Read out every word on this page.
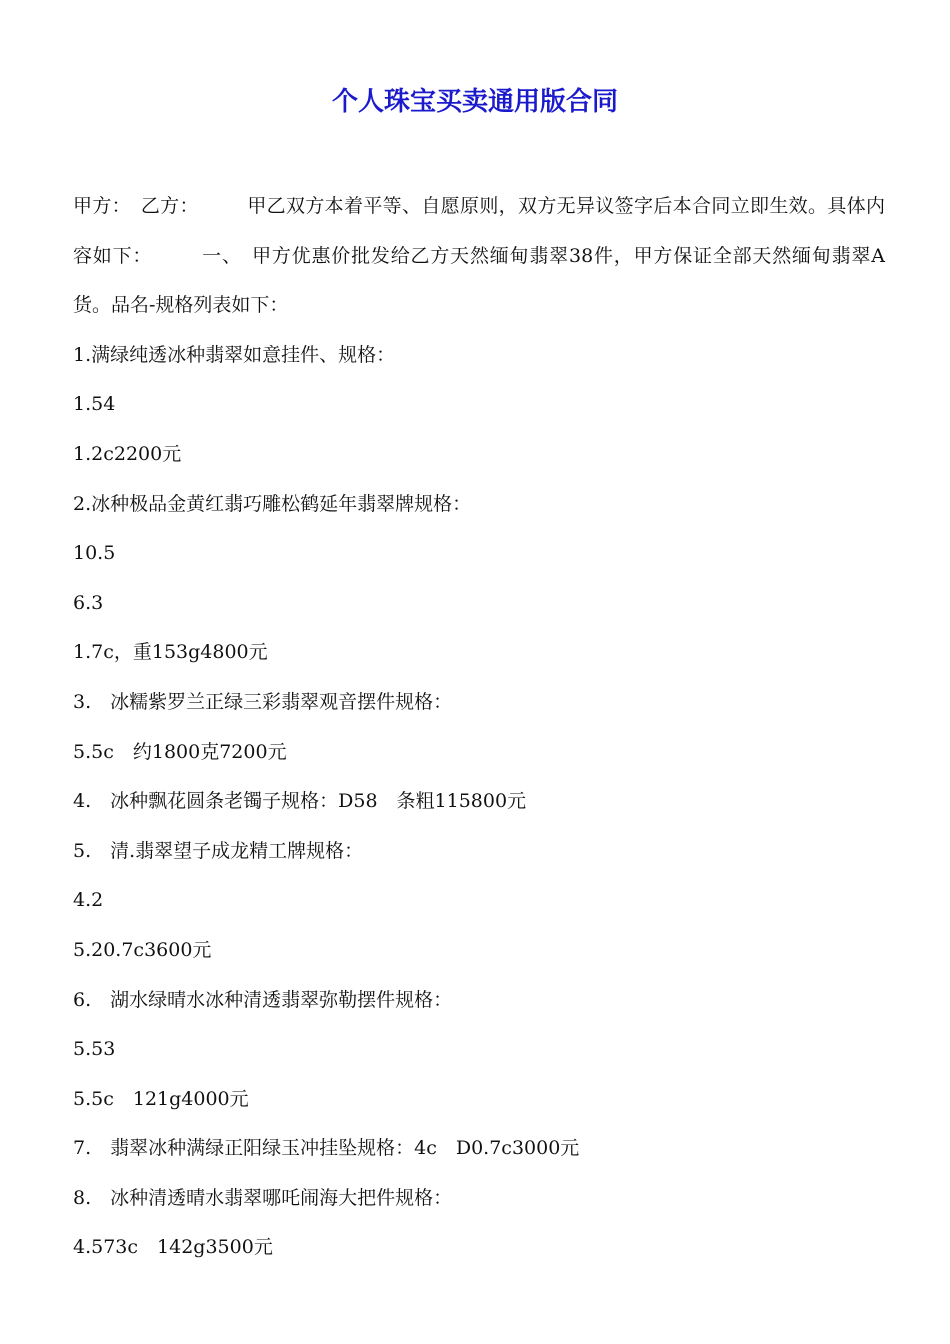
个人珠宝买卖通用版合同

甲方：　乙方：　　　甲乙双方本着平等、自愿原则，双方无异议签字后本合同立即生效。具体内容如下：　　　一、　甲方优惠价批发给乙方天然缅甸翡翠38件，甲方保证全部天然缅甸翡翠A货。品名-规格列表如下：

1.满绿纯透冰种翡翠如意挂件、规格：

1.54

1.2c2200元

2.冰种极品金黄红翡巧雕松鹤延年翡翠牌规格：

10.5

6.3

1.7c，重153g4800元

3.　冰糯紫罗兰正绿三彩翡翠观音摆件规格：

5.5c　约1800克7200元

4.　冰种飘花圆条老镯子规格：D58　条粗115800元

5.　清.翡翠望子成龙精工牌规格：

4.2

5.20.7c3600元

6.　湖水绿晴水冰种清透翡翠弥勒摆件规格：

5.53

5.5c　121g4000元

7.　翡翠冰种满绿正阳绿玉冲挂坠规格：4c　D0.7c3000元

8.　冰种清透晴水翡翠哪吒闹海大把件规格：

4.573c　142g3500元
